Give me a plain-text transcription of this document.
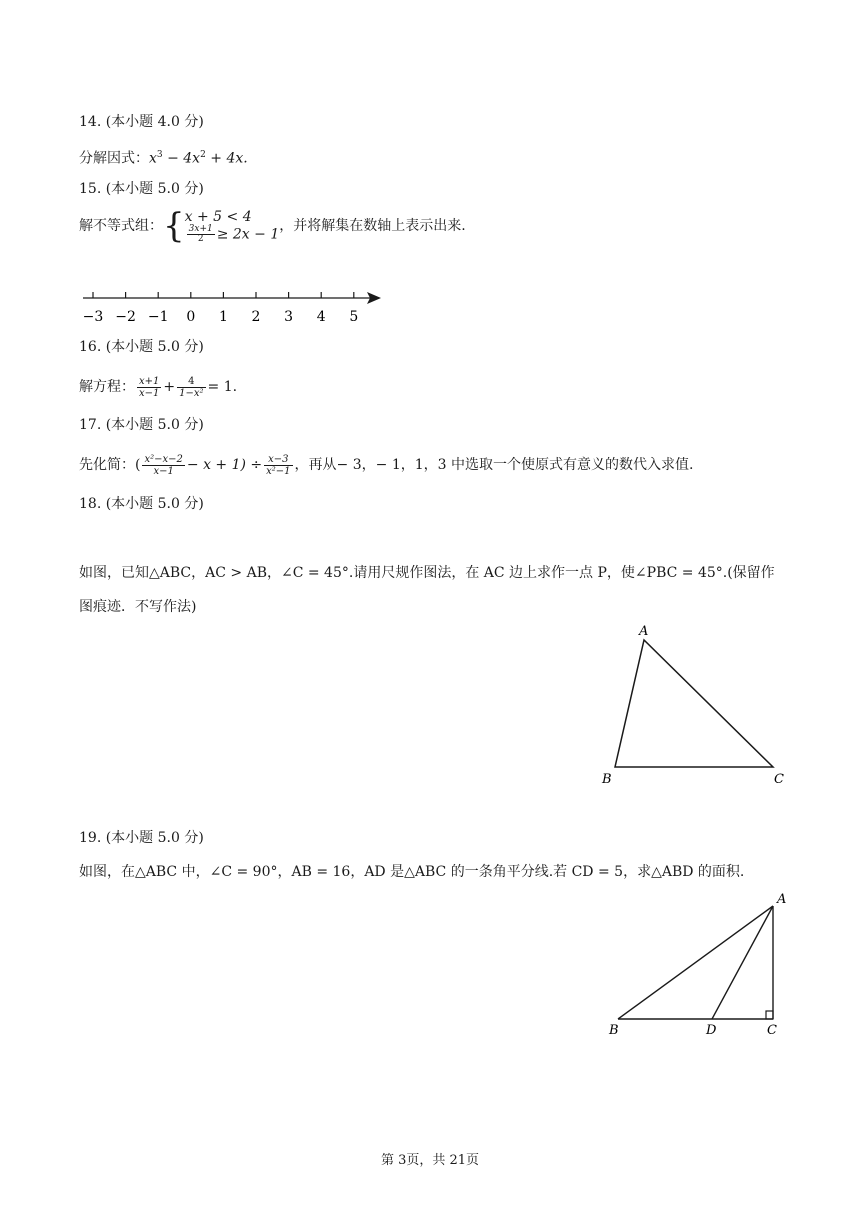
14. (本小题 4.0 分)
分解因式：$x^3 - 4x^2 + 4x$.
15. (本小题 5.0 分)
解不等式组：{ x + 5 < 4
$\frac{3x+1}{2} \ge 2x - 1$ ，并将解集在数轴上表示出来.
−3 −2 −1 0 1 2 3 4 5
16. (本小题 5.0 分)
解方程： $\frac{x+1}{x-1} + \frac{4}{\text{1−x²}} = 1$.
17. (本小题 5.0 分)
先化简：( $\frac{\text{x²−x−2}}{x-1} - x + 1) \div \frac{x-3}{\text{x²−1}}$ ，再从− 3，− 1，1，3 中选取一个使原式有意义的数代入求值.
18. (本小题 5.0 分)
如图，已知△ABC，AC > AB，∠C = 45°.请用尺规作图法，在 AC 边上求作一点 P，使∠PBC = 45°.(保留作
图痕迹．不写作法)
A
B	C
19. (本小题 5.0 分)
如图，在△ABC 中，∠C = 90°，AB = 16，AD 是△ABC 的一条角平分线.若 CD = 5，求△ABD 的面积.
A
B	D	C
第 3页，共 21页
